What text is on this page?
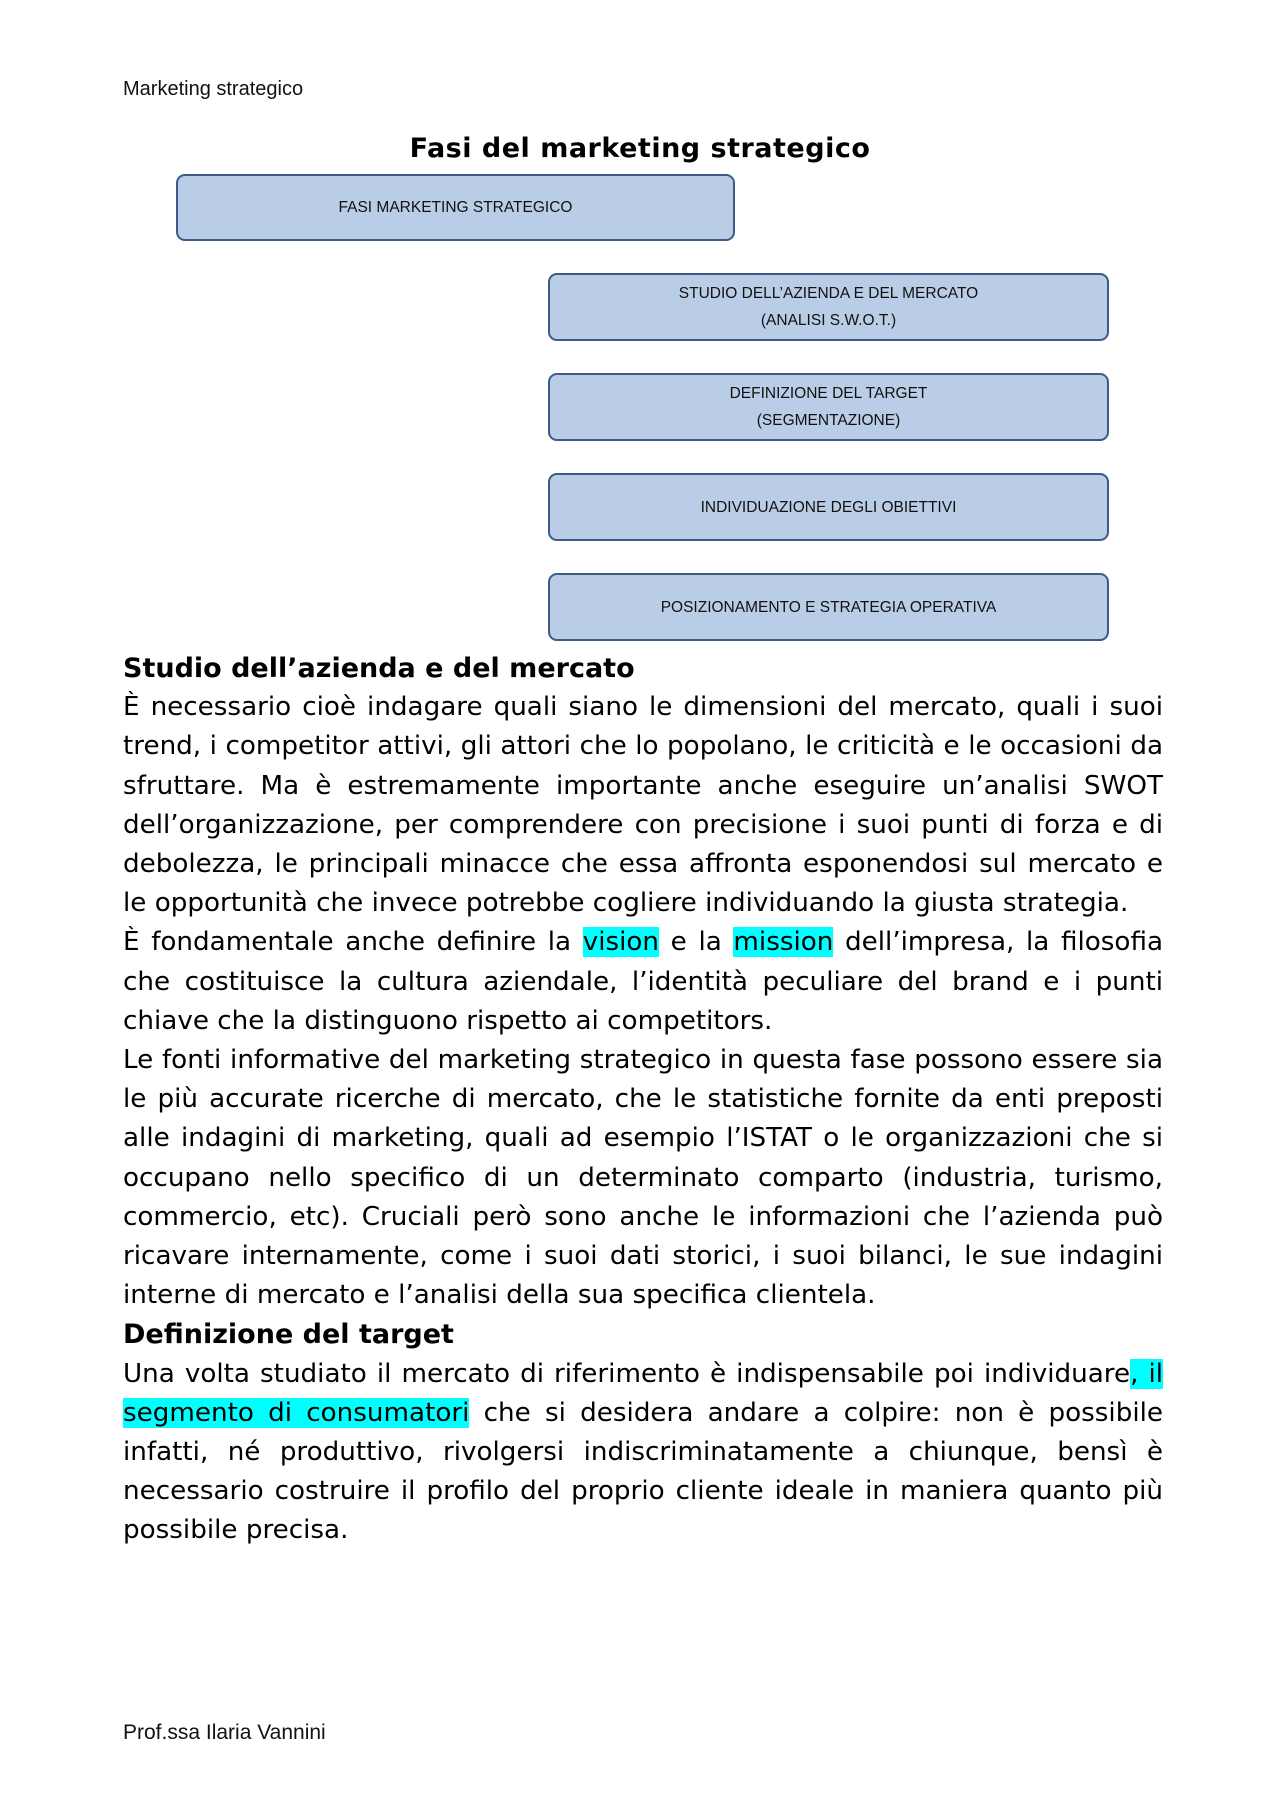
Marketing strategico
Fasi del marketing strategico
FASI MARKETING STRATEGICO
STUDIO DELL’AZIENDA E DEL MERCATO
(ANALISI S.W.O.T.)
DEFINIZIONE DEL TARGET
(SEGMENTAZIONE)
INDIVIDUAZIONE DEGLI OBIETTIVI
POSIZIONAMENTO E STRATEGIA OPERATIVA
Studio dell’azienda e del mercato

È necessario cioè indagare quali siano le dimensioni del mercato, quali i suoi trend, i competitor attivi, gli attori che lo popolano, le criticità e le occasioni da sfruttare. Ma è estremamente importante anche eseguire un’analisi SWOT dell’organizzazione, per comprendere con precisione i suoi punti di forza e di debolezza, le principali minacce che essa affronta esponendosi sul mercato e le opportunità che invece potrebbe cogliere individuando la giusta strategia.

È fondamentale anche definire la vision e la mission dell’impresa, la filosofia che costituisce la cultura aziendale, l’identità peculiare del brand e i punti chiave che la distinguono rispetto ai competitors.

Le fonti informative del marketing strategico in questa fase possono essere sia le più accurate ricerche di mercato, che le statistiche fornite da enti preposti alle indagini di marketing, quali ad esempio l’ISTAT o le organizzazioni che si occupano nello specifico di un determinato comparto (industria, turismo, commercio, etc). Cruciali però sono anche le informazioni che l’azienda può ricavare internamente, come i suoi dati storici, i suoi bilanci, le sue indagini interne di mercato e l’analisi della sua specifica clientela.

Definizione del target

Una volta studiato il mercato di riferimento è indispensabile poi individuare, il segmento di consumatori che si desidera andare a colpire: non è possibile infatti, né produttivo, rivolgersi indiscriminatamente a chiunque, bensì è necessario costruire il profilo del proprio cliente ideale in maniera quanto più possibile precisa.

Prof.ssa Ilaria Vannini
